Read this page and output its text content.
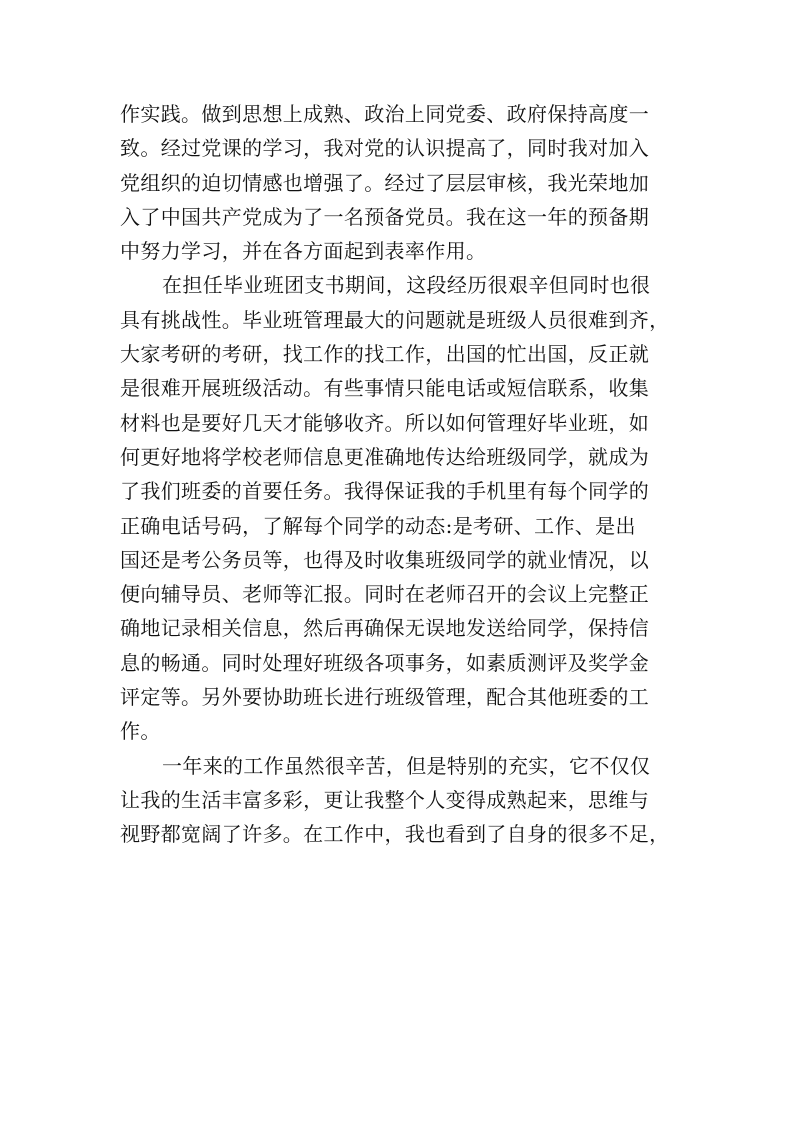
作实践。做到思想上成熟、政治上同党委、政府保持高度一
致。经过党课的学习，我对党的认识提高了，同时我对加入
党组织的迫切情感也增强了。经过了层层审核，我光荣地加
入了中国共产党成为了一名预备党员。我在这一年的预备期
中努力学习，并在各方面起到表率作用。
在担任毕业班团支书期间，这段经历很艰辛但同时也很
具有挑战性。毕业班管理最大的问题就是班级人员很难到齐，
大家考研的考研，找工作的找工作，出国的忙出国，反正就
是很难开展班级活动。有些事情只能电话或短信联系，收集
材料也是要好几天才能够收齐。所以如何管理好毕业班，如
何更好地将学校老师信息更准确地传达给班级同学，就成为
了我们班委的首要任务。我得保证我的手机里有每个同学的
正确电话号码，了解每个同学的动态:是考研、工作、是出
国还是考公务员等，也得及时收集班级同学的就业情况，以
便向辅导员、老师等汇报。同时在老师召开的会议上完整正
确地记录相关信息，然后再确保无误地发送给同学，保持信
息的畅通。同时处理好班级各项事务，如素质测评及奖学金
评定等。另外要协助班长进行班级管理，配合其他班委的工
作。
一年来的工作虽然很辛苦，但是特别的充实，它不仅仅
让我的生活丰富多彩，更让我整个人变得成熟起来，思维与
视野都宽阔了许多。在工作中，我也看到了自身的很多不足，
